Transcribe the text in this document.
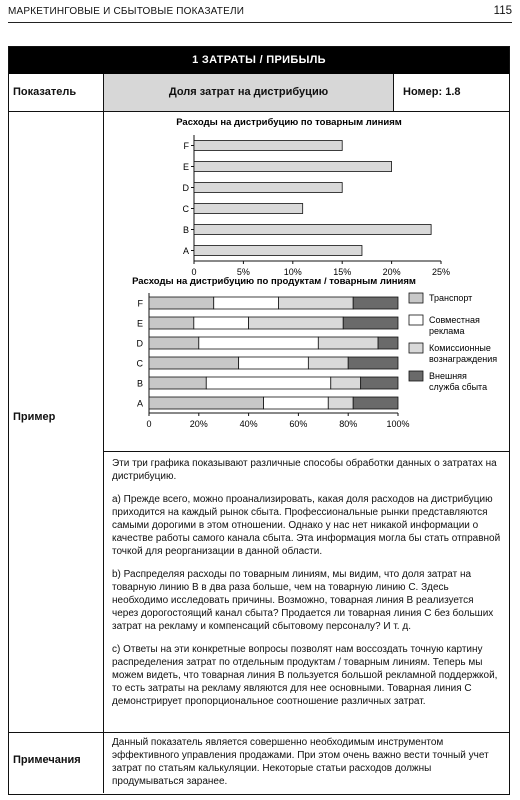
МАРКЕТИНГОВЫЕ И СБЫТОВЫЕ ПОКАЗАТЕЛИ	115
1 ЗАТРАТЫ / ПРИБЫЛЬ
Показатель	Доля затрат на дистрибуцию	Номер: 1.8
Пример
Расходы на дистрибуцию по товарным линиям
F
E
D
C
B
A
0	5%	10%	15%	20%	25%
Расходы на дистрибуцию по продуктам / товарным линиям
F
E
D
C
B
A
0	20%	40%	60%	80%	100%
Транспорт
Совместная
реклама
Комиссионные
вознаграждения
Внешняя
служба сбыта

Эти три графика показывают различные способы обработки данных о затратах на дистрибуцию.

а) Прежде всего, можно проанализировать, какая доля расходов на дистрибуцию приходится на каждый рынок сбыта. Профессиональные рынки представляются самыми дорогими в этом отношении. Однако у нас нет никакой информации о качестве работы самого канала сбыта. Эта информация могла бы стать отправной точкой для реорганизации в данной области.

b) Распределяя расходы по товарным линиям, мы видим, что доля затрат на товарную линию В в два раза больше, чем на товарную линию С. Здесь необходимо исследовать причины. Возможно, товарная линия В реализуется через дорогостоящий канал сбыта? Продается ли товарная линия С без больших затрат на рекламу и компенсаций сбытовому персоналу? И т. д.

c) Ответы на эти конкретные вопросы позволят нам воссоздать точную картину распределения затрат по отдельным продуктам / товарным линиям. Теперь мы можем видеть, что товарная линия В пользуется большой рекламной поддержкой, то есть затраты на рекламу являются для нее основными. Товарная линия С демонстрирует пропорциональное соотношение различных затрат.

Примечания
Данный показатель является совершенно необходимым инструментом эффективного управления продажами. При этом очень важно вести точный учет затрат по статьям калькуляции. Некоторые статьи расходов должны продумываться заранее.
